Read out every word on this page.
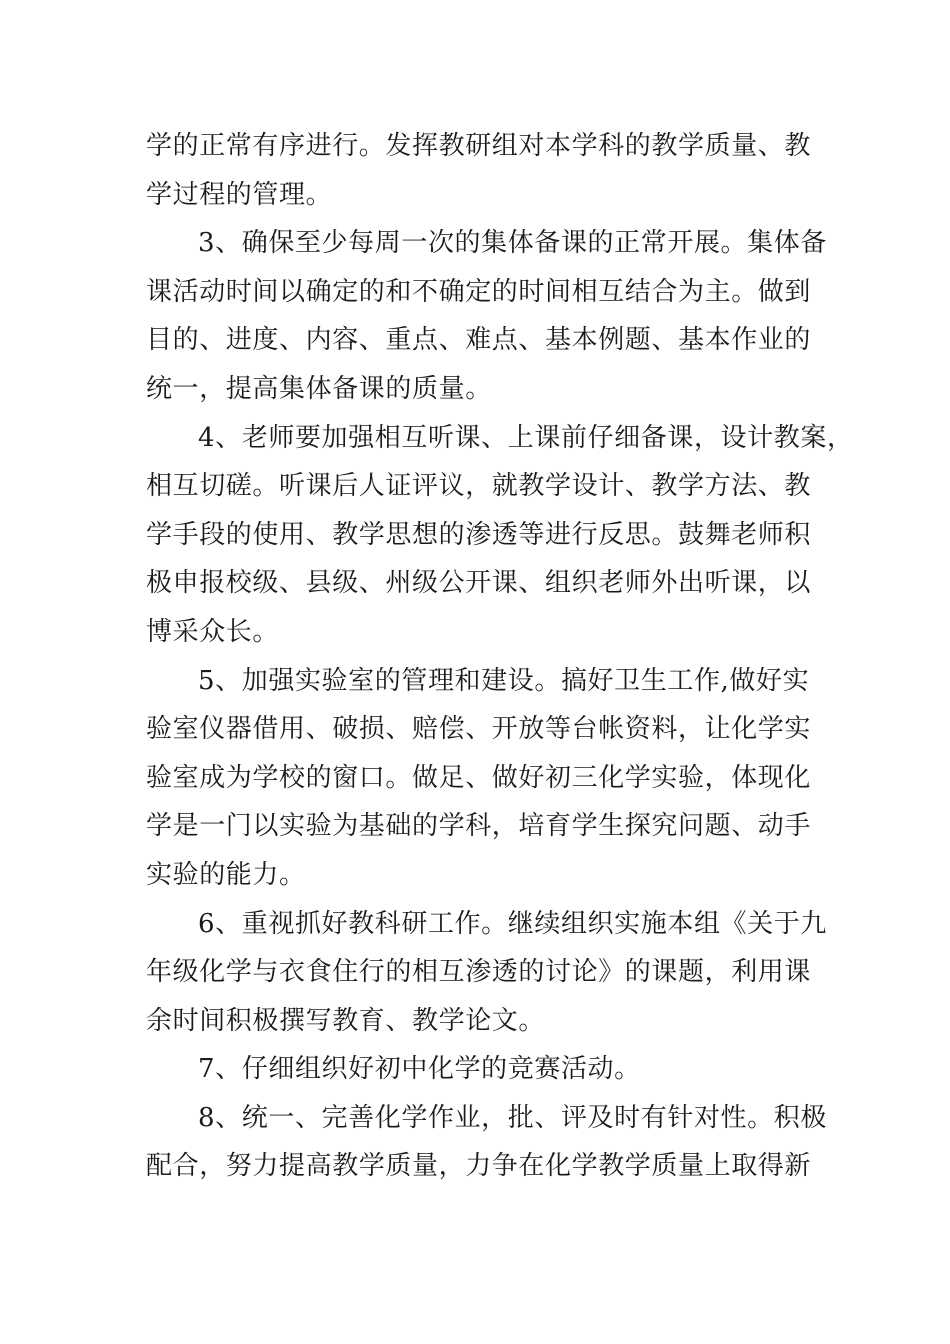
学的正常有序进行。发挥教研组对本学科的教学质量、教
学过程的管理。
3、确保至少每周一次的集体备课的正常开展。集体备
课活动时间以确定的和不确定的时间相互结合为主。做到
目的、进度、内容、重点、难点、基本例题、基本作业的
统一，提高集体备课的质量。
4、老师要加强相互听课、上课前仔细备课，设计教案，
相互切磋。听课后人证评议，就教学设计、教学方法、教
学手段的使用、教学思想的渗透等进行反思。鼓舞老师积
极申报校级、县级、州级公开课、组织老师外出听课，以
博采众长。
5、加强实验室的管理和建设。搞好卫生工作,做好实
验室仪器借用、破损、赔偿、开放等台帐资料，让化学实
验室成为学校的窗口。做足、做好初三化学实验，体现化
学是一门以实验为基础的学科，培育学生探究问题、动手
实验的能力。
6、重视抓好教科研工作。继续组织实施本组《关于九
年级化学与衣食住行的相互渗透的讨论》的课题，利用课
余时间积极撰写教育、教学论文。
7、仔细组织好初中化学的竞赛活动。
8、统一、完善化学作业，批、评及时有针对性。积极
配合，努力提高教学质量，力争在化学教学质量上取得新
